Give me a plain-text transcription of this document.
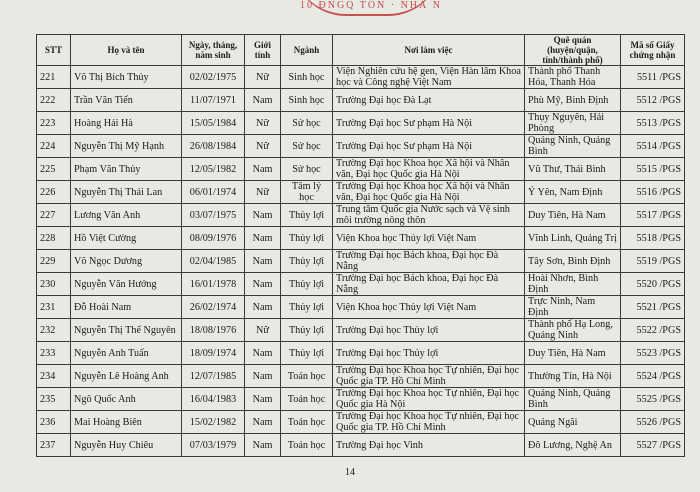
10 ĐNGQ TỐN · NHÀ N
STT	Họ và tên	Ngày, tháng, năm sinh	Giới tính	Ngành	Nơi làm việc	Quê quán (huyện/quận, tỉnh/thành phố)	Mã số Giấy chứng nhận
221	Võ Thị Bích Thủy	02/02/1975	Nữ	Sinh học	Viện Nghiên cứu hệ gen, Viện Hàn lâm Khoa học và Công nghệ Việt Nam	Thành phố Thanh Hóa, Thanh Hóa	5511 /PGS
222	Trần Văn Tiến	11/07/1971	Nam	Sinh học	Trường Đại học Đà Lạt	Phù Mỹ, Bình Định	5512 /PGS
223	Hoàng Hải Hà	15/05/1984	Nữ	Sử học	Trường Đại học Sư phạm Hà Nội	Thụy Nguyên, Hải Phòng	5513 /PGS
224	Nguyễn Thị Mỹ Hạnh	26/08/1984	Nữ	Sử học	Trường Đại học Sư phạm Hà Nội	Quảng Ninh, Quảng Bình	5514 /PGS
225	Phạm Văn Thủy	12/05/1982	Nam	Sử học	Trường Đại học Khoa học Xã hội và Nhân văn, Đại học Quốc gia Hà Nội	Vũ Thư, Thái Bình	5515 /PGS
226	Nguyễn Thị Thái Lan	06/01/1974	Nữ	Tâm lý học	Trường Đại học Khoa học Xã hội và Nhân văn, Đại học Quốc gia Hà Nội	Ý Yên, Nam Định	5516 /PGS
227	Lương Văn Anh	03/07/1975	Nam	Thủy lợi	Trung tâm Quốc gia Nước sạch và Vệ sinh môi trường nông thôn	Duy Tiên, Hà Nam	5517 /PGS
228	Hồ Việt Cường	08/09/1976	Nam	Thủy lợi	Viện Khoa học Thủy lợi Việt Nam	Vĩnh Linh, Quảng Trị	5518 /PGS
229	Võ Ngọc Dương	02/04/1985	Nam	Thủy lợi	Trường Đại học Bách khoa, Đại học Đà Nẵng	Tây Sơn, Bình Định	5519 /PGS
230	Nguyễn Văn Hướng	16/01/1978	Nam	Thủy lợi	Trường Đại học Bách khoa, Đại học Đà Nẵng	Hoài Nhơn, Bình Định	5520 /PGS
231	Đỗ Hoài Nam	26/02/1974	Nam	Thủy lợi	Viện Khoa học Thủy lợi Việt Nam	Trực Ninh, Nam Định	5521 /PGS
232	Nguyễn Thị Thế Nguyên	18/08/1976	Nữ	Thủy lợi	Trường Đại học Thủy lợi	Thành phố Hạ Long, Quảng Ninh	5522 /PGS
233	Nguyễn Anh Tuấn	18/09/1974	Nam	Thủy lợi	Trường Đại học Thủy lợi	Duy Tiên, Hà Nam	5523 /PGS
234	Nguyễn Lê Hoàng Anh	12/07/1985	Nam	Toán học	Trường Đại học Khoa học Tự nhiên, Đại học Quốc gia TP. Hồ Chí Minh	Thường Tín, Hà Nội	5524 /PGS
235	Ngô Quốc Anh	16/04/1983	Nam	Toán học	Trường Đại học Khoa học Tự nhiên, Đại học Quốc gia Hà Nội	Quảng Ninh, Quảng Bình	5525 /PGS
236	Mai Hoàng Biên	15/02/1982	Nam	Toán học	Trường Đại học Khoa học Tự nhiên, Đại học Quốc gia TP. Hồ Chí Minh	Quảng Ngãi	5526 /PGS
237	Nguyễn Huy Chiêu	07/03/1979	Nam	Toán học	Trường Đại học Vinh	Đô Lương, Nghệ An	5527 /PGS
14
